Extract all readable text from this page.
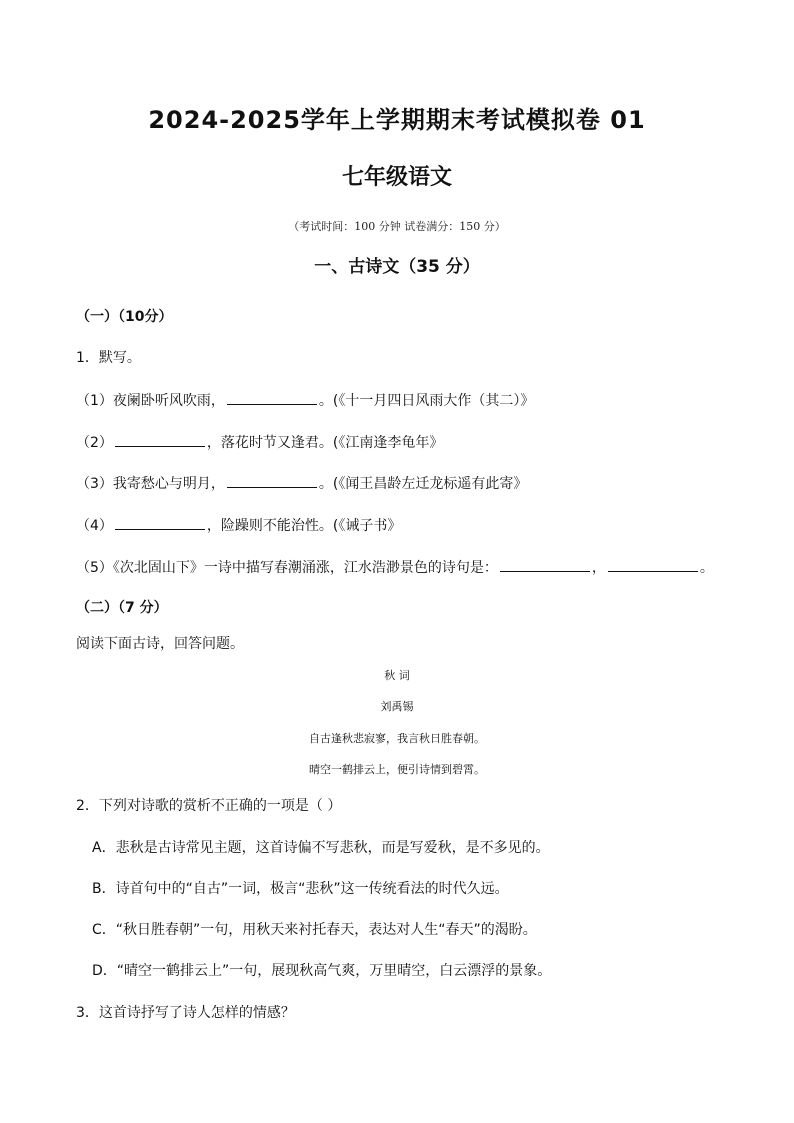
2024-2025学年上学期期末考试模拟卷 01
七年级语文
（考试时间：100 分钟 试卷满分：150 分）
一、古诗文（35 分）
（一）（10分）
1．默写。
（1）夜阑卧听风吹雨，	。(《十一月四日风雨大作（其二）》
（2）	，落花时节又逢君。(《江南逢李龟年》
（3）我寄愁心与明月，	。(《闻王昌龄左迁龙标遥有此寄》
（4）	，险躁则不能治性。(《诫子书》
（5）《次北固山下》一诗中描写春潮涌涨，江水浩渺景色的诗句是：	，	。
（二）（7 分）
阅读下面古诗，回答问题。
秋 词
刘禹锡
自古逢秋悲寂寥，我言秋日胜春朝。
晴空一鹤排云上，便引诗情到碧霄。
2．下列对诗歌的赏析不正确的一项是（ ）
A．悲秋是古诗常见主题，这首诗偏不写悲秋，而是写爱秋，是不多见的。
B．诗首句中的“自古”一词，极言“悲秋”这一传统看法的时代久远。
C．“秋日胜春朝”一句，用秋天来衬托春天，表达对人生“春天”的渴盼。
D．“晴空一鹤排云上”一句，展现秋高气爽，万里晴空，白云漂浮的景象。
3．这首诗抒写了诗人怎样的情感？
